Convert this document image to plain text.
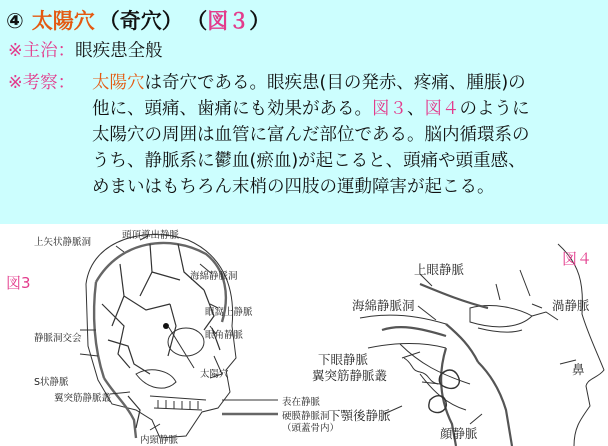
④ 太陽穴 （奇穴） （図３）
※主治：眼疾患全般
※考察： 太陽穴は奇穴である。眼疾患(目の発赤、疼痛、腫脹)の
他に、頭痛、歯痛にも効果がある。図３、図４のように
太陽穴の周囲は血管に富んだ部位である。脳内循環系の
うち、静脈系に鬱血(瘀血)が起こると、頭痛や頭重感、
めまいはもちろん末梢の四肢の運動障害が起こる。
図3
上矢状静脈洞
頭頂導出静脈
海綿静脈洞
眼窩上静脈
眼角静脈
太陽穴
静脈洞交会
S状静脈
翼突筋静脈叢
内頸静脈
表在静脈
硬膜静脈洞
（頭蓋骨内）
図４
上眼静脈
海綿静脈洞	渦静脈
下眼静脈
翼突筋静脈叢
下顎後静脈
顔静脈
鼻
